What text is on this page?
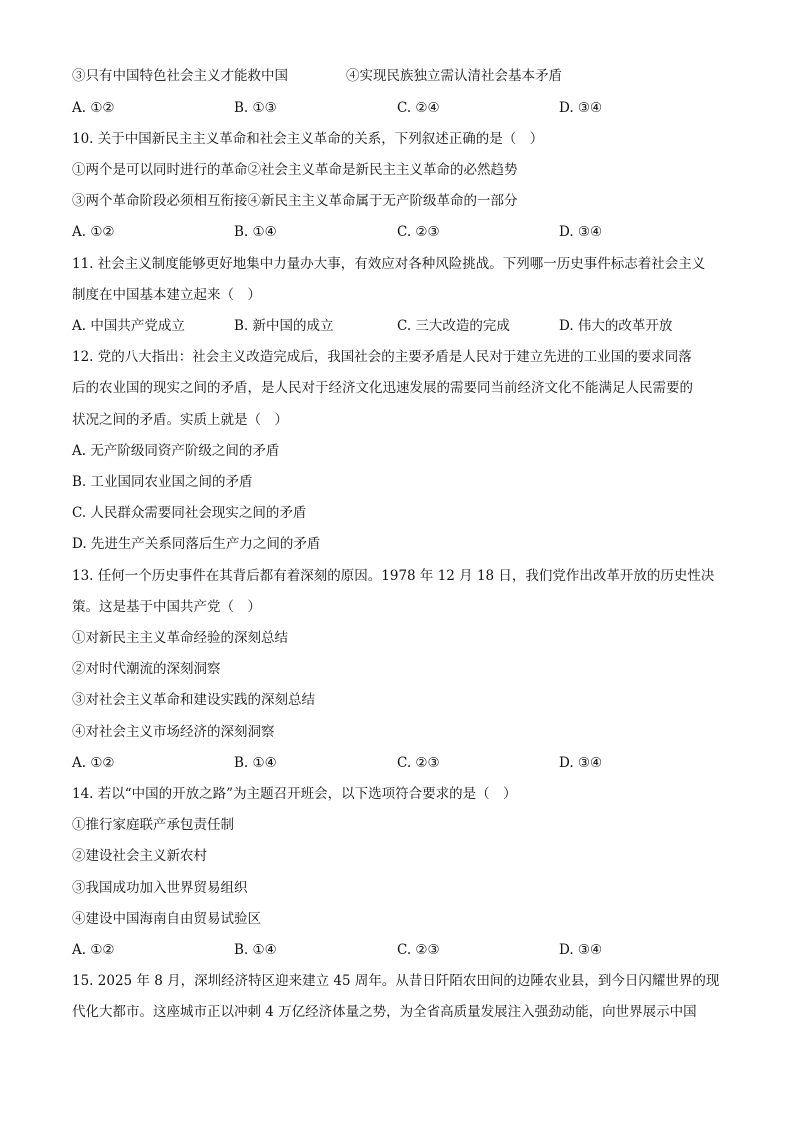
③只有中国特色社会主义才能救中国	④实现民族独立需认清社会基本矛盾
A. ①②	B. ①③	C. ②④	D. ③④
10. 关于中国新民主主义革命和社会主义革命的关系，下列叙述正确的是（　）
①两个是可以同时进行的革命②社会主义革命是新民主主义革命的必然趋势
③两个革命阶段必须相互衔接④新民主主义革命属于无产阶级革命的一部分
A. ①②	B. ①④	C. ②③	D. ③④
11. 社会主义制度能够更好地集中力量办大事，有效应对各种风险挑战。下列哪一历史事件标志着社会主义
制度在中国基本建立起来（　）
A. 中国共产党成立	B. 新中国的成立	C. 三大改造的完成	D. 伟大的改革开放
12. 党的八大指出：社会主义改造完成后，我国社会的主要矛盾是人民对于建立先进的工业国的要求同落
后的农业国的现实之间的矛盾，是人民对于经济文化迅速发展的需要同当前经济文化不能满足人民需要的
状况之间的矛盾。实质上就是（　）
A. 无产阶级同资产阶级之间的矛盾
B. 工业国同农业国之间的矛盾
C. 人民群众需要同社会现实之间的矛盾
D. 先进生产关系同落后生产力之间的矛盾
13. 任何一个历史事件在其背后都有着深刻的原因。1978 年 12 月 18 日，我们党作出改革开放的历史性决
策。这是基于中国共产党（　）
①对新民主主义革命经验的深刻总结
②对时代潮流的深刻洞察
③对社会主义革命和建设实践的深刻总结
④对社会主义市场经济的深刻洞察
A. ①②	B. ①④	C. ②③	D. ③④
14. 若以“中国的开放之路”为主题召开班会，以下选项符合要求的是（　）
①推行家庭联产承包责任制
②建设社会主义新农村
③我国成功加入世界贸易组织
④建设中国海南自由贸易试验区
A. ①②	B. ①④	C. ②③	D. ③④
15. 2025 年 8 月，深圳经济特区迎来建立 45 周年。从昔日阡陌农田间的边陲农业县，到今日闪耀世界的现
代化大都市。这座城市正以冲刺 4 万亿经济体量之势，为全省高质量发展注入强劲动能，向世界展示中国
